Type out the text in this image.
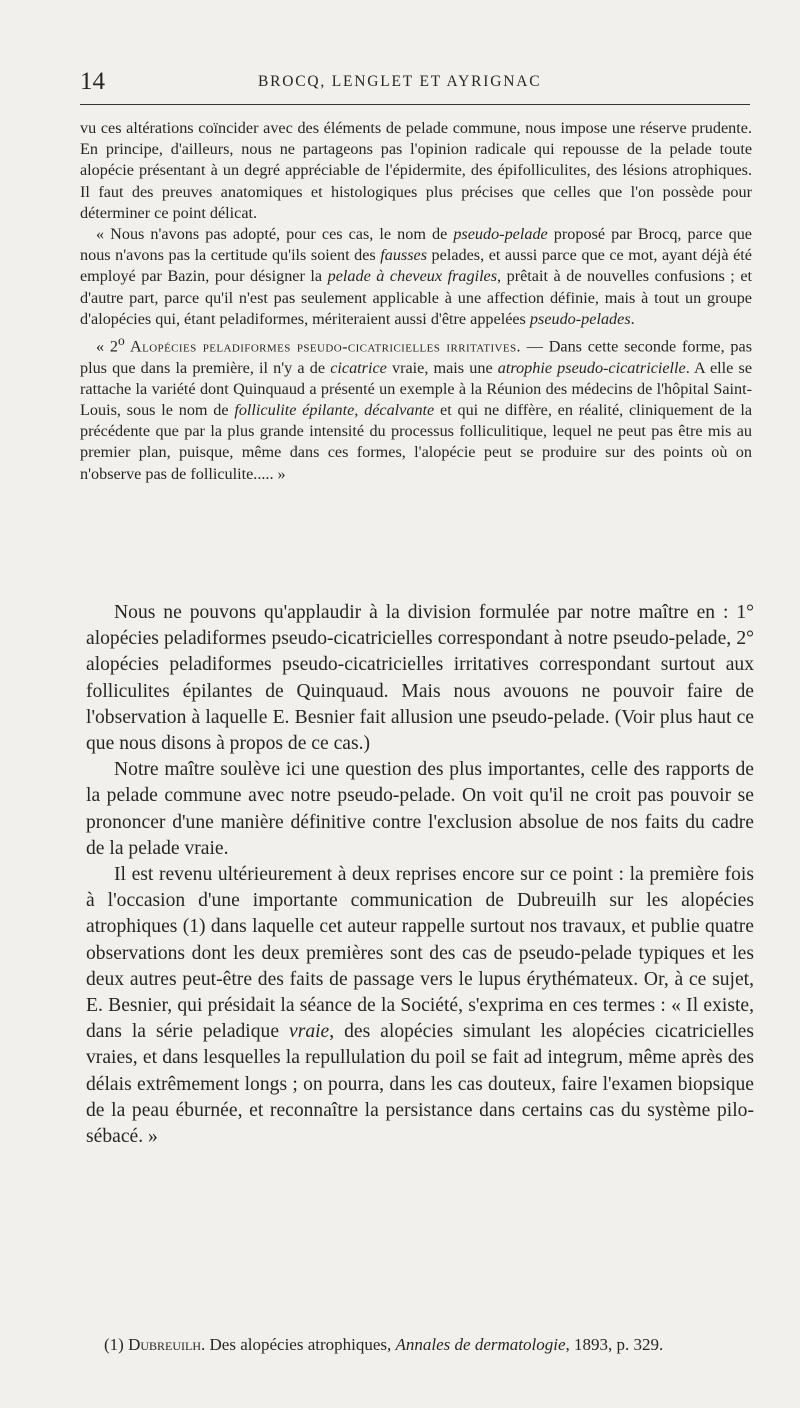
14	BROCQ, LENGLET ET AYRIGNAC

vu ces altérations coïncider avec des éléments de pelade commune, nous impose une réserve prudente. En principe, d'ailleurs, nous ne partageons pas l'opinion radicale qui repousse de la pelade toute alopécie présentant à un degré appréciable de l'épidermite, des épifolliculites, des lésions atrophiques. Il faut des preuves anatomiques et histologiques plus précises que celles que l'on possède pour déterminer ce point délicat.

« Nous n'avons pas adopté, pour ces cas, le nom de pseudo-pelade proposé par Brocq, parce que nous n'avons pas la certitude qu'ils soient des fausses pelades, et aussi parce que ce mot, ayant déjà été employé par Bazin, pour désigner la pelade à cheveux fragiles, prêtait à de nouvelles confusions ; et d'autre part, parce qu'il n'est pas seulement applicable à une affection définie, mais à tout un groupe d'alopécies qui, étant peladiformes, mériteraient aussi d'être appelées pseudo-pelades.

« 2$^o$ Alopécies peladiformes pseudo-cicatricielles irritatives. — Dans cette seconde forme, pas plus que dans la première, il n'y a de cicatrice vraie, mais une atrophie pseudo-cicatricielle. A elle se rattache la variété dont Quinquaud a présenté un exemple à la Réunion des médecins de l'hôpital Saint-Louis, sous le nom de folliculite épilante, décalvante et qui ne diffère, en réalité, cliniquement de la précédente que par la plus grande intensité du processus folliculitique, lequel ne peut pas être mis au premier plan, puisque, même dans ces formes, l'alopécie peut se produire sur des points où on n'observe pas de folliculite..... »

Nous ne pouvons qu'applaudir à la division formulée par notre maître en : 1° alopécies peladiformes pseudo-cicatricielles correspondant à notre pseudo-pelade, 2° alopécies peladiformes pseudo-cicatricielles irritatives correspondant surtout aux folliculites épilantes de Quinquaud. Mais nous avouons ne pouvoir faire de l'observation à laquelle E. Besnier fait allusion une pseudo-pelade. (Voir plus haut ce que nous disons à propos de ce cas.)

Notre maître soulève ici une question des plus importantes, celle des rapports de la pelade commune avec notre pseudo-pelade. On voit qu'il ne croit pas pouvoir se prononcer d'une manière définitive contre l'exclusion absolue de nos faits du cadre de la pelade vraie.

Il est revenu ultérieurement à deux reprises encore sur ce point : la première fois à l'occasion d'une importante communication de Dubreuilh sur les alopécies atrophiques (1) dans laquelle cet auteur rappelle surtout nos travaux, et publie quatre observations dont les deux premières sont des cas de pseudo-pelade typiques et les deux autres peut-être des faits de passage vers le lupus érythémateux. Or, à ce sujet, E. Besnier, qui présidait la séance de la Société, s'exprima en ces termes : « Il existe, dans la série peladique vraie, des alopécies simulant les alopécies cicatricielles vraies, et dans lesquelles la repullulation du poil se fait ad integrum, même après des délais extrêmement longs ; on pourra, dans les cas douteux, faire l'examen biopsique de la peau éburnée, et reconnaître la persistance dans certains cas du système pilo-sébacé. »

(1) Dubreuilh. Des alopécies atrophiques, Annales de dermatologie, 1893, p. 329.
